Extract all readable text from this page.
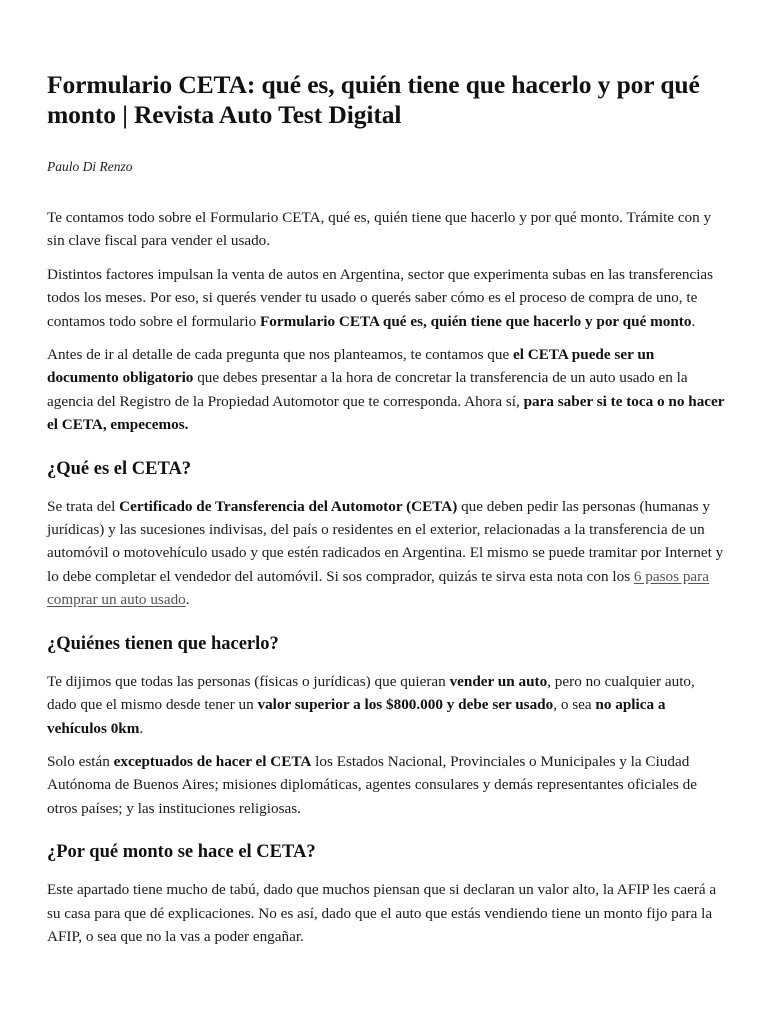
Formulario CETA: qué es, quién tiene que hacerlo y por qué monto | Revista Auto Test Digital
Paulo Di Renzo

Te contamos todo sobre el Formulario CETA, qué es, quién tiene que hacerlo y por qué monto. Trámite con y sin clave fiscal para vender el usado.

Distintos factores impulsan la venta de autos en Argentina, sector que experimenta subas en las transferencias todos los meses. Por eso, si querés vender tu usado o querés saber cómo es el proceso de compra de uno, te contamos todo sobre el formulario Formulario CETA qué es, quién tiene que hacerlo y por qué monto.

Antes de ir al detalle de cada pregunta que nos planteamos, te contamos que el CETA puede ser un documento obligatorio que debes presentar a la hora de concretar la transferencia de un auto usado en la agencia del Registro de la Propiedad Automotor que te corresponda. Ahora sí, para saber si te toca o no hacer el CETA, empecemos.

¿Qué es el CETA?

Se trata del Certificado de Transferencia del Automotor (CETA) que deben pedir las personas (humanas y jurídicas) y las sucesiones indivisas, del país o residentes en el exterior, relacionadas a la transferencia de un automóvil o motovehículo usado y que estén radicados en Argentina. El mismo se puede tramitar por Internet y lo debe completar el vendedor del automóvil. Si sos comprador, quizás te sirva esta nota con los 6 pasos para comprar un auto usado.

¿Quiénes tienen que hacerlo?

Te dijimos que todas las personas (físicas o jurídicas) que quieran vender un auto, pero no cualquier auto, dado que el mismo desde tener un valor superior a los $800.000 y debe ser usado, o sea no aplica a vehículos 0km.

Solo están exceptuados de hacer el CETA los Estados Nacional, Provinciales o Municipales y la Ciudad Autónoma de Buenos Aires; misiones diplomáticas, agentes consulares y demás representantes oficiales de otros países; y las instituciones religiosas.

¿Por qué monto se hace el CETA?

Este apartado tiene mucho de tabú, dado que muchos piensan que si declaran un valor alto, la AFIP les caerá a su casa para que dé explicaciones. No es así, dado que el auto que estás vendiendo tiene un monto fijo para la AFIP, o sea que no la vas a poder engañar.
